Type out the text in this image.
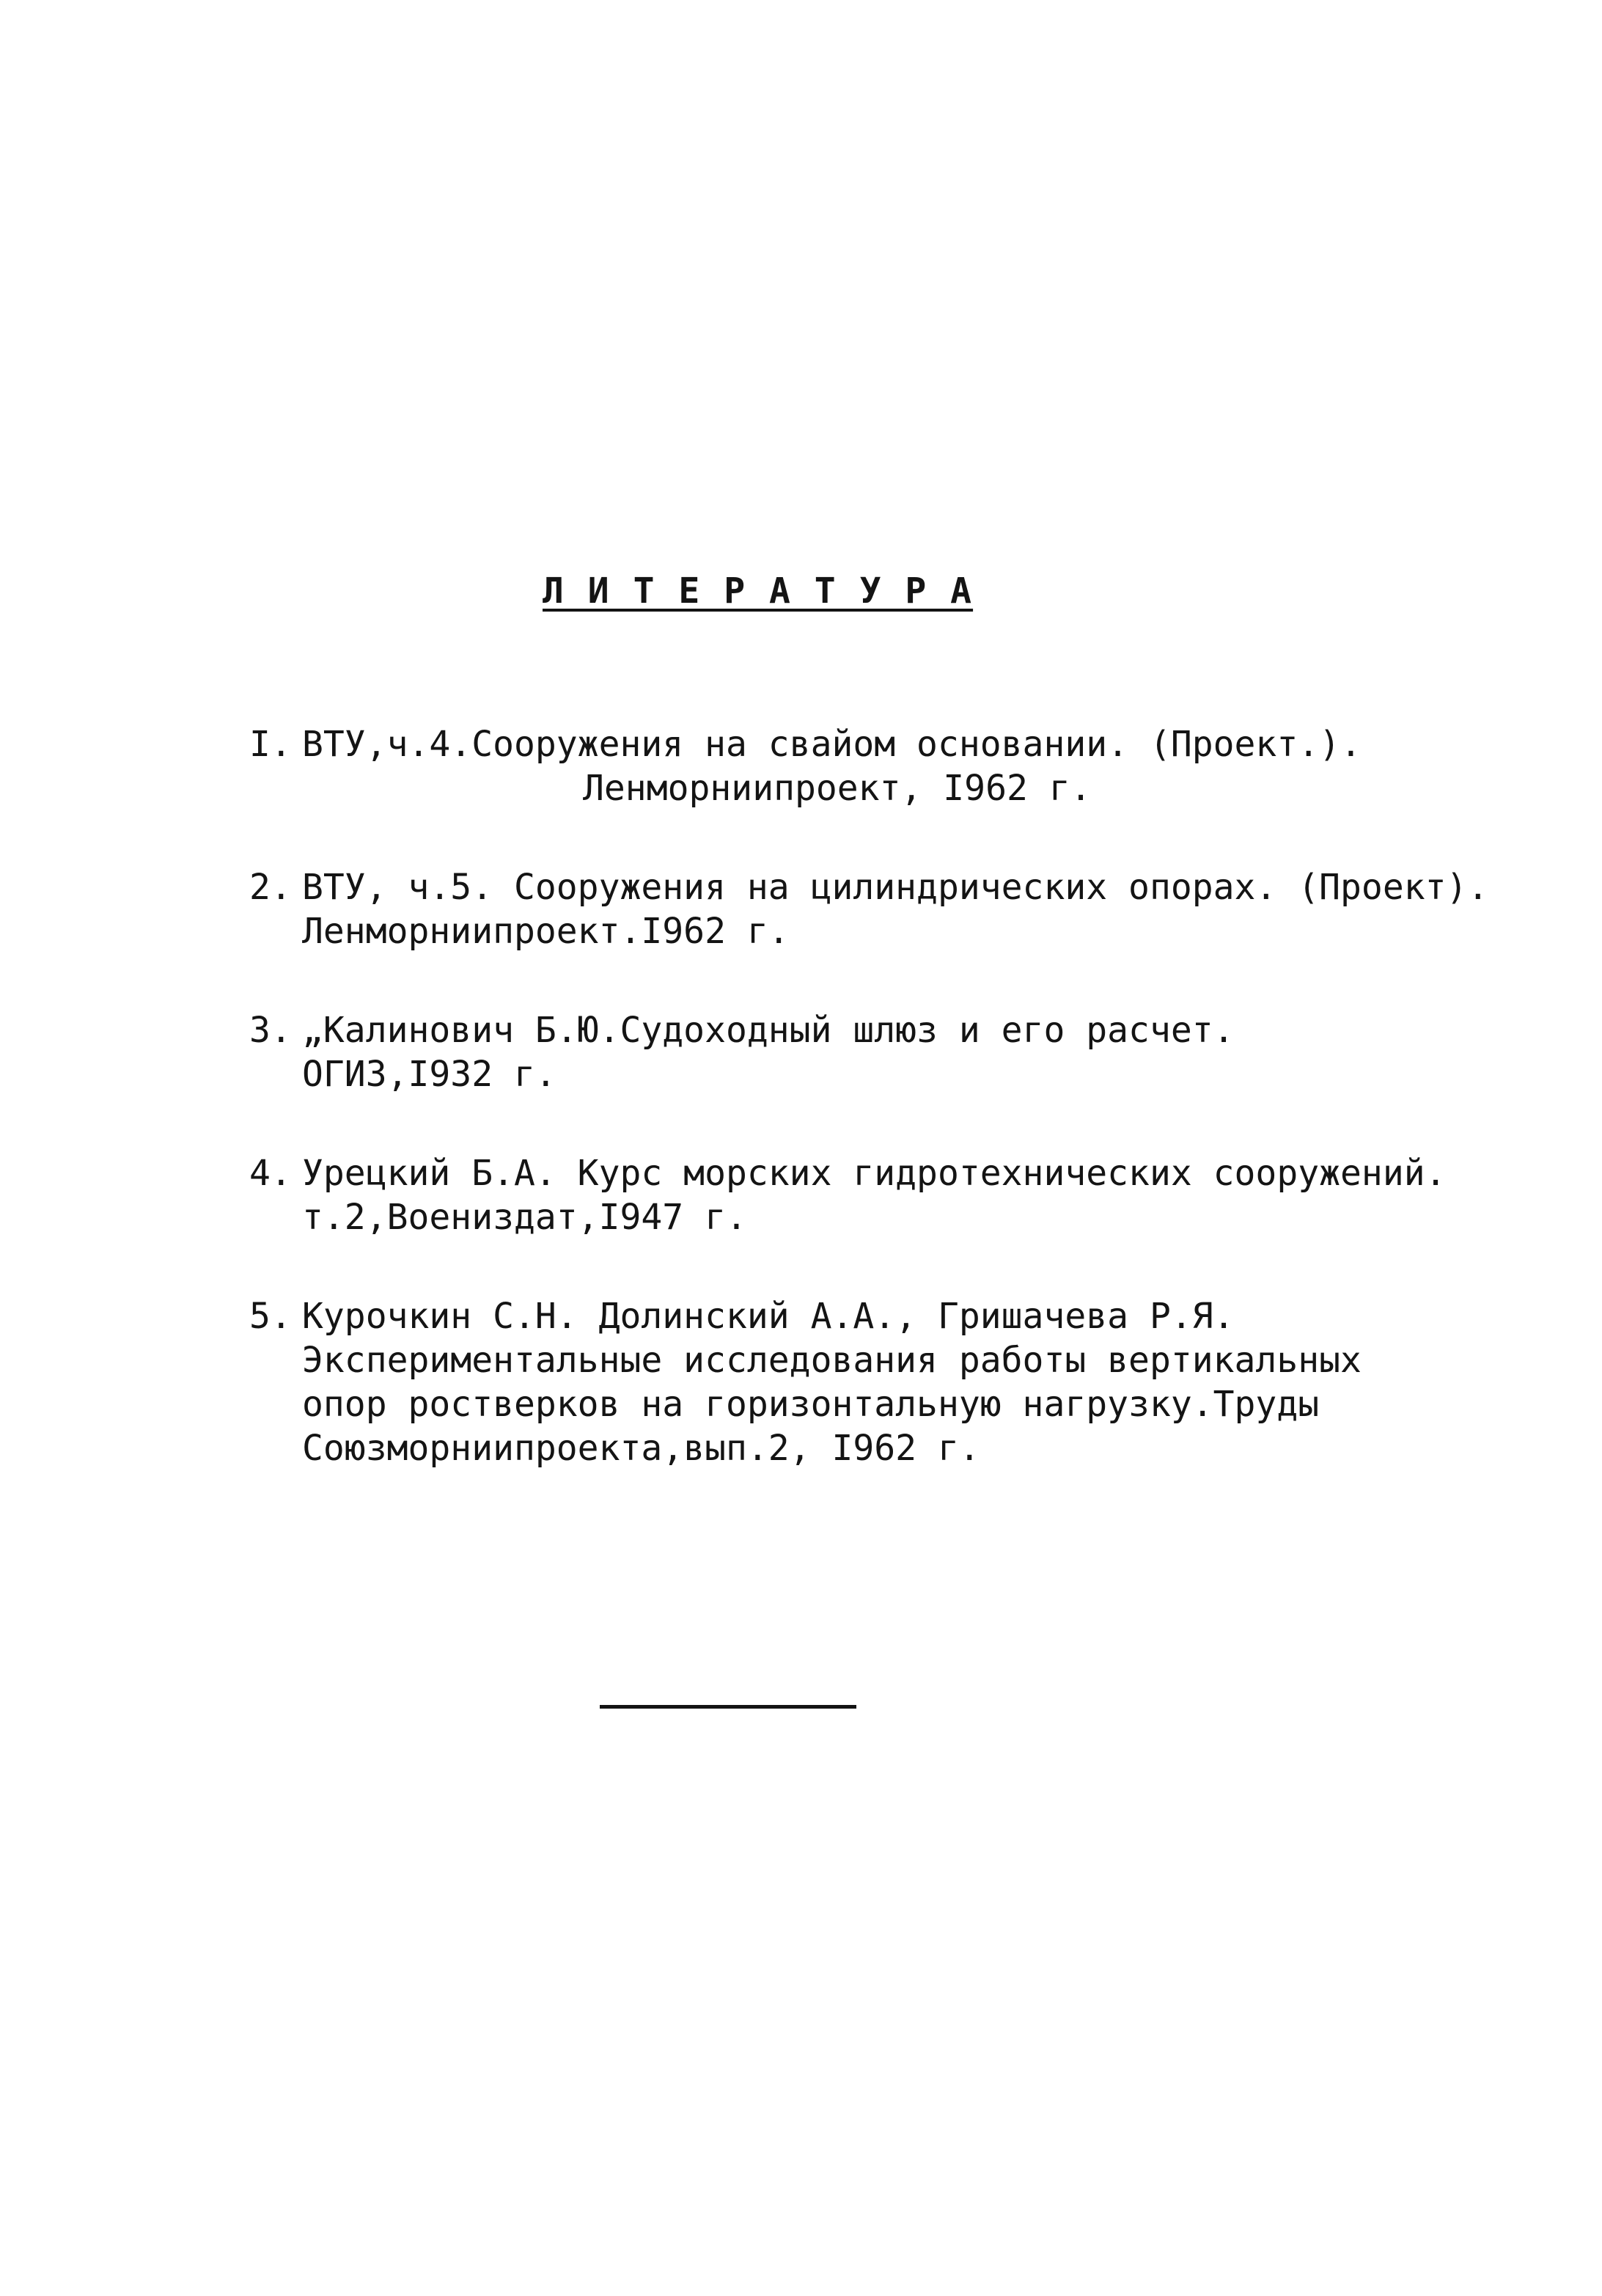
Л И Т Е Р А Т У Р А
I. ВТУ,ч.4.Сооружения на свайом основании. (Проект.).
Ленморниипроект, I962 г.
2. ВТУ, ч.5. Сооружения на цилиндрических опорах. (Проект).
Ленморниипроект.I962 г.
3. „Калинович Б.Ю.Судоходный шлюз и его расчет.
ОГИЗ,I932 г.
4. Урецкий Б.А. Курс морских гидротехнических сооружений.
т.2,Воениздат,I947 г.
5. Курочкин С.Н. Долинский А.А., Гришачева Р.Я.
Экспериментальные исследования работы вертикальных
опор ростверков на горизонтальную нагрузку.Труды
Союзморниипроекта,вып.2, I962 г.
